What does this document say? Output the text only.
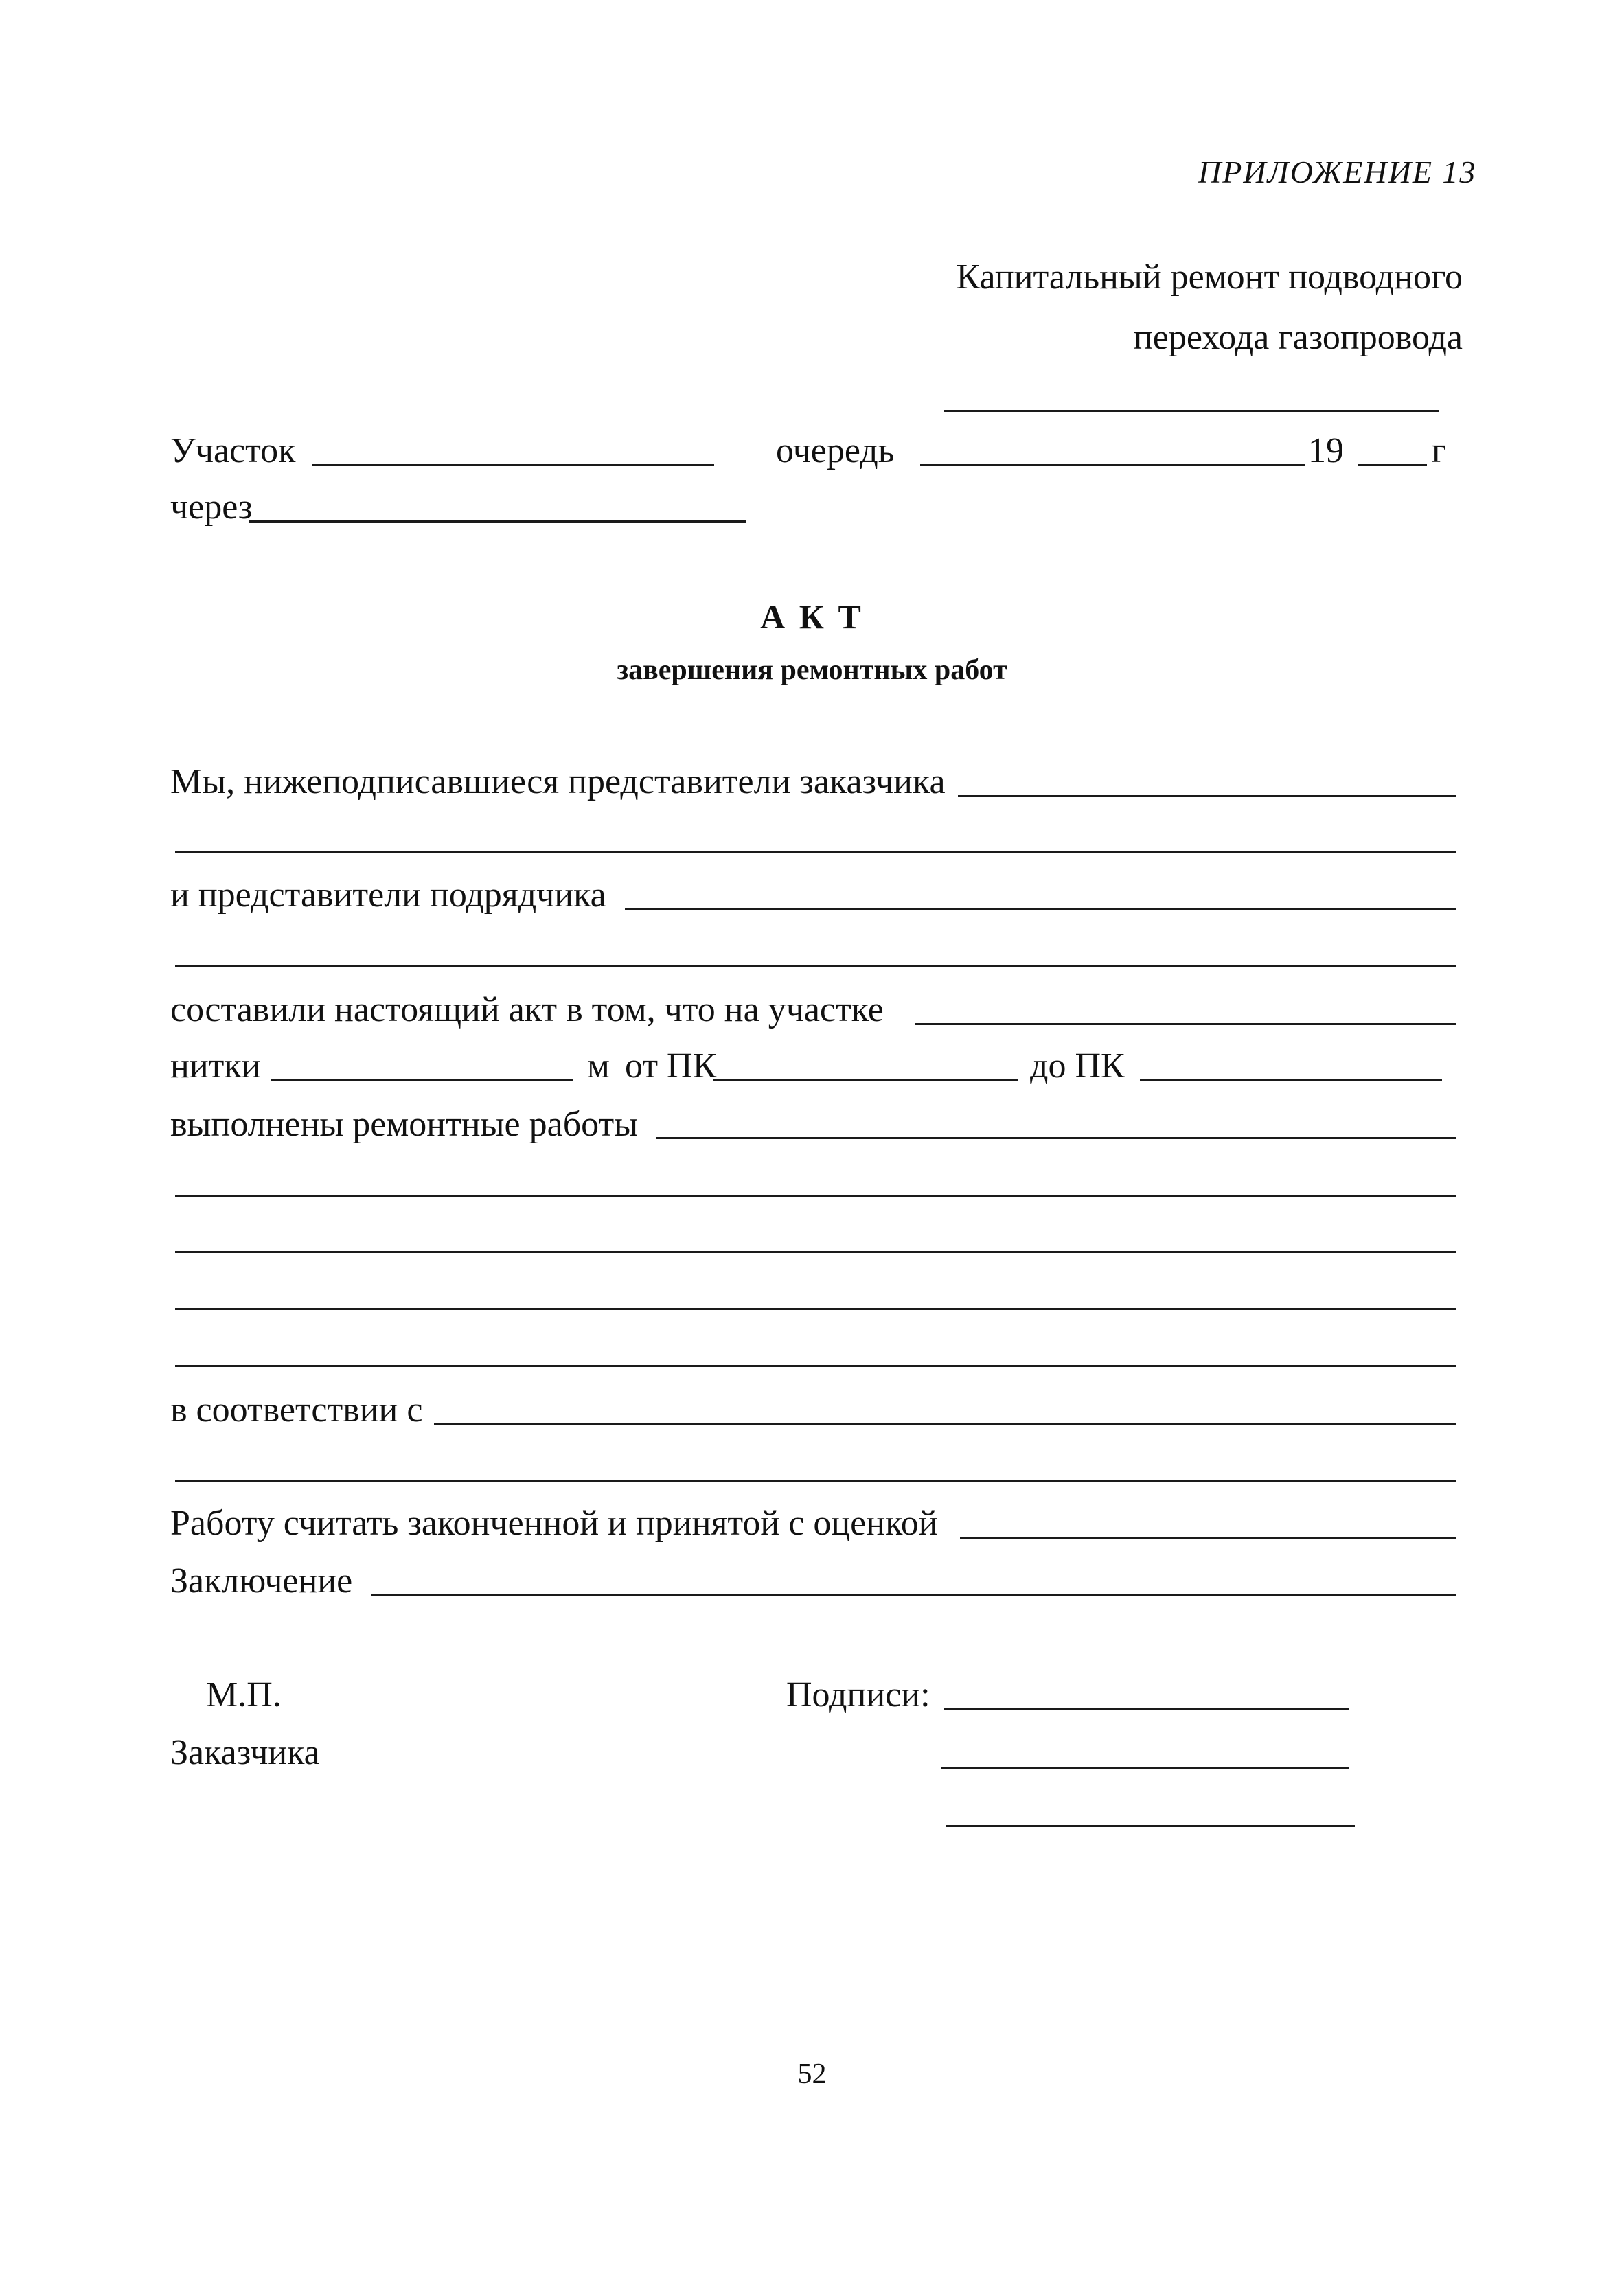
ПРИЛОЖЕНИЕ 13
Капитальный ремонт подводного
перехода газопровода
Участок	очередь	19 г
через
А К Т
завершения ремонтных работ
Мы, нижеподписавшиеся представители заказчика
и представители подрядчика
составили настоящий акт в том, что на участке
нитки	м от ПК	до ПК
выполнены ремонтные работы
в соответствии с
Работу считать законченной и принятой с оценкой
Заключение
М.П.
Заказчика
Подписи:
52
